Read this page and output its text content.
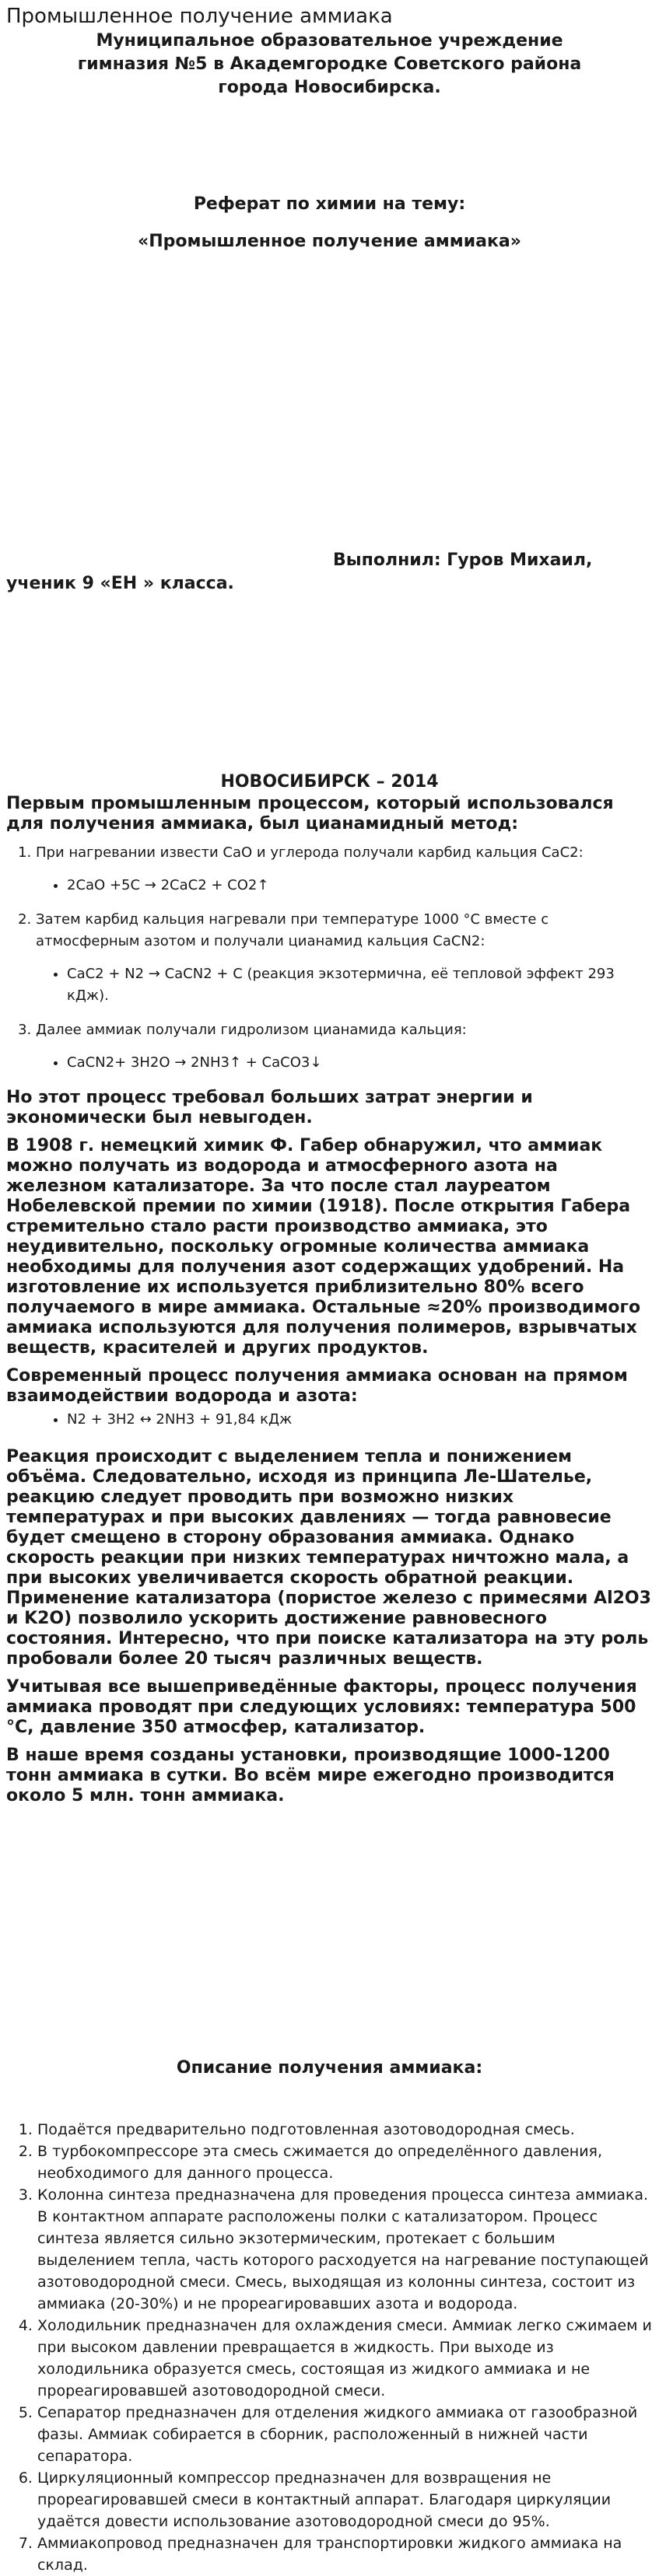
Промышленное получение аммиака

Муниципальное образовательное учреждение гимназия №5 в Академгородке Советского района города Новосибирска.

Реферат по химии на тему:
«Промышленное получение аммиака»
Выполнил: Гуров Михаил,
ученик 9 «ЕН » класса.
НОВОСИБИРСК – 2014

Первым промышленным процессом, который использовался для получения аммиака, был цианамидный метод:

1. При нагревании извести CaO и углерода получали карбид кальция CaC2:
• 2CaO +5C → 2CaC2 + CO2↑
2. Затем карбид кальция нагревали при температуре 1000 °C вместе с атмосферным азотом и получали цианамид кальция CaCN2:
• CaC2 + N2 → CaCN2 + C (реакция экзотермична, её тепловой эффект 293 кДж).
3. Далее аммиак получали гидролизом цианамида кальция:
• CaCN2+ 3H2O → 2NH3↑ + CaCO3↓

Но этот процесс требовал больших затрат энергии и экономически был невыгоден.

В 1908 г. немецкий химик Ф. Габер обнаружил, что аммиак можно получать из водорода и атмосферного азота на железном катализаторе. За что после стал лауреатом Нобелевской премии по химии (1918). После открытия Габера стремительно стало расти производство аммиака, это неудивительно, поскольку огромные количества аммиака необходимы для получения азот содержащих удобрений. На изготовление их используется приблизительно 80% всего получаемого в мире аммиака. Остальные ≈20% производимого аммиака используются для получения полимеров, взрывчатых веществ, красителей и других продуктов.

Современный процесс получения аммиака основан на прямом взаимодействии водорода и азота:

• N2 + 3H2 ↔ 2NH3 + 91,84 кДж

Реакция происходит с выделением тепла и понижением объёма. Следовательно, исходя из принципа Ле-Шателье, реакцию следует проводить при возможно низких температурах и при высоких давлениях — тогда равновесие будет смещено в сторону образования аммиака. Однако скорость реакции при низких температурах ничтожно мала, а при высоких увеличивается скорость обратной реакции. Применение катализатора (пористое железо с примесями Al2O3 и K2O) позволило ускорить достижение равновесного состояния. Интересно, что при поиске катализатора на эту роль пробовали более 20 тысяч различных веществ.

Учитывая все вышеприведённые факторы, процесс получения аммиака проводят при следующих условиях: температура 500 °C, давление 350 атмосфер, катализатор.

В наше время созданы установки, производящие 1000-1200 тонн аммиака в сутки. Во всём мире ежегодно производится около 5 млн. тонн аммиака.

Описание получения аммиака:
1. Подаётся предварительно подготовленная азотоводородная смесь.
2. В турбокомпрессоре эта смесь сжимается до определённого давления, необходимого для данного процесса.
3. Колонна синтеза предназначена для проведения процесса синтеза аммиака. В контактном аппарате расположены полки с катализатором. Процесс синтеза является сильно экзотермическим, протекает с большим выделением тепла, часть которого расходуется на нагревание поступающей азотоводородной смеси. Смесь, выходящая из колонны синтеза, состоит из аммиака (20-30%) и не прореагировавших азота и водорода.
4. Холодильник предназначен для охлаждения смеси. Аммиак легко сжимаем и при высоком давлении превращается в жидкость. При выходе из холодильника образуется смесь, состоящая из жидкого аммиака и не прореагировавшей азотоводородной смеси.
5. Сепаратор предназначен для отделения жидкого аммиака от газообразной фазы. Аммиак собирается в сборник, расположенный в нижней части сепаратора.
6. Циркуляционный компрессор предназначен для возвращения не прореагировавшей смеси в контактный аппарат. Благодаря циркуляции удаётся довести использование азотоводородной смеси до 95%.
7. Аммиакопровод предназначен для транспортировки жидкого аммиака на склад.
